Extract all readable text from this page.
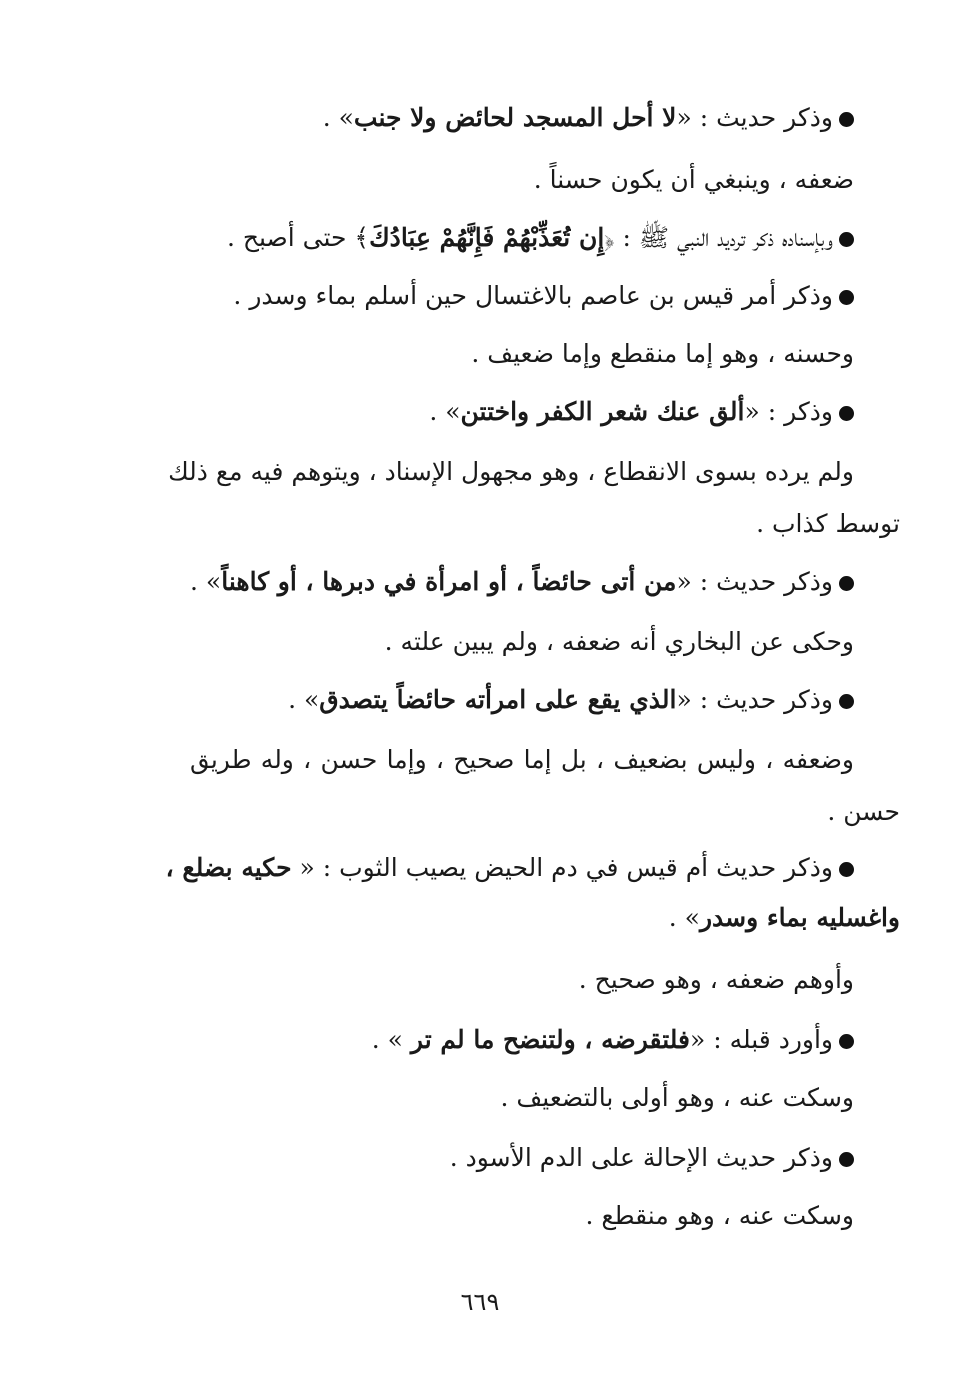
وذكر حديث : «لا أحل المسجد لحائض ولا جنب» .
ضعفه ، وينبغي أن يكون حسناً .
وبإسناده ذكر ترديد النبي ﷺ : ﴿إِن تُعَذِّبْهُمْ فَإِنَّهُمْ عِبَادُكَ﴾ حتى أصبح .
وذكر أمر قيس بن عاصم بالاغتسال حين أسلم بماء وسدر .
وحسنه ، وهو إما منقطع وإما ضعيف .
وذكر : «ألق عنك شعر الكفر واختتن» .
ولم يرده بسوى الانقطاع ، وهو مجهول الإسناد ، ويتوهم فيه مع ذلك
توسط كذاب .
وذكر حديث : «من أتى حائضاً ، أو امرأة في دبرها ، أو كاهناً» .
وحكى عن البخاري أنه ضعفه ، ولم يبين علته .
وذكر حديث : «الذي يقع على امرأته حائضاً يتصدق» .
وضعفه ، وليس بضعيف ، بل إما صحيح ، وإما حسن ، وله طريق
حسن .
وذكر حديث أم قيس في دم الحيض يصيب الثوب : « حكيه بضلع ،
واغسليه بماء وسدر» .
وأوهم ضعفه ، وهو صحيح .
وأورد قبله : «فلتقرضه ، ولتنضح ما لم تر » .
وسكت عنه ، وهو أولى بالتضعيف .
وذكر حديث الإحالة على الدم الأسود .
وسكت عنه ، وهو منقطع .
٦٦٩
